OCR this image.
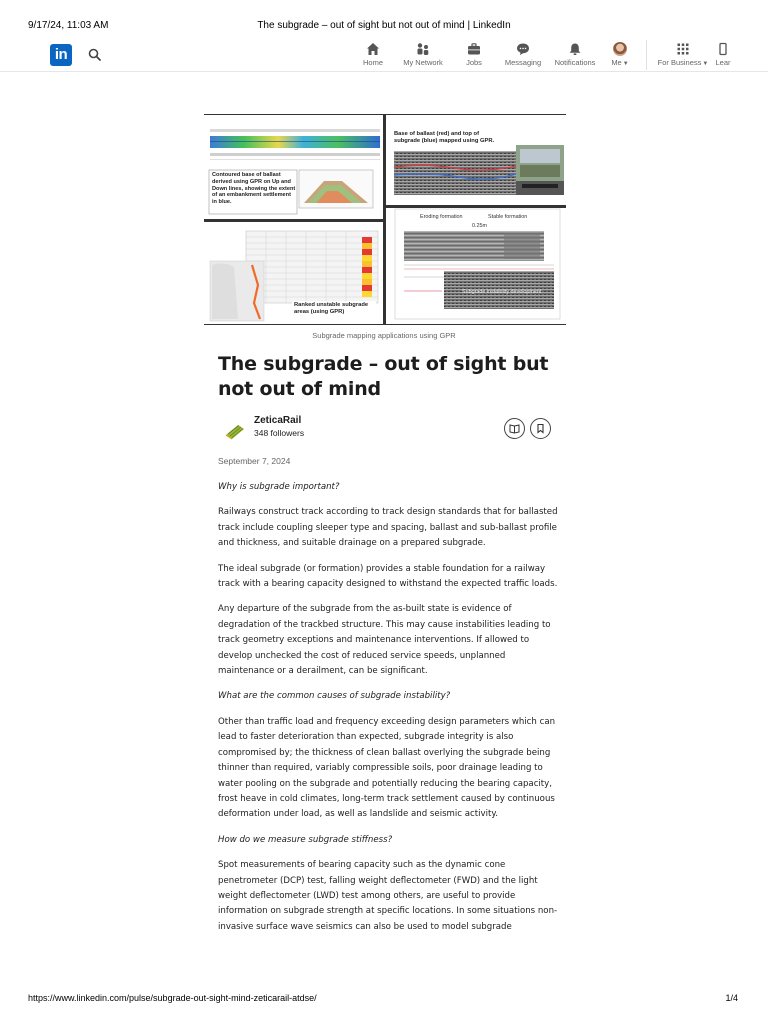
9/17/24, 11:03 AM	The subgrade – out of sight but not out of mind | LinkedIn
in	Home	My Network	Jobs	Messaging Notifications Me▼	For Business▼ Lear
Contoured base of ballast derived using GPR on Up and Down lines, showing the extent of an embankment settlement in blue.
Base of ballast (red) and top of subgrade (blue) mapped using GPR.
Ranked unstable subgrade areas (using GPR)
Eroding formation	Stable formation
0.25m
Subgrade instability development
Subgrade mapping applications using GPR
The subgrade – out of sight but not out of mind
ZeticaRail
348 followers
September 7, 2024

Why is subgrade important?

Railways construct track according to track design standards that for ballasted track include coupling sleeper type and spacing, ballast and sub-ballast profile and thickness, and suitable drainage on a prepared subgrade.

The ideal subgrade (or formation) provides a stable foundation for a railway track with a bearing capacity designed to withstand the expected traffic loads.

Any departure of the subgrade from the as-built state is evidence of degradation of the trackbed structure. This may cause instabilities leading to track geometry exceptions and maintenance interventions. If allowed to develop unchecked the cost of reduced service speeds, unplanned maintenance or a derailment, can be significant.

What are the common causes of subgrade instability?

Other than traffic load and frequency exceeding design parameters which can lead to faster deterioration than expected, subgrade integrity is also compromised by; the thickness of clean ballast overlying the subgrade being thinner than required, variably compressible soils, poor drainage leading to water pooling on the subgrade and potentially reducing the bearing capacity, frost heave in cold climates, long-term track settlement caused by continuous deformation under load, as well as landslide and seismic activity.

How do we measure subgrade stiffness?

Spot measurements of bearing capacity such as the dynamic cone penetrometer (DCP) test, falling weight deflectometer (FWD) and the light weight deflectometer (LWD) test among others, are useful to provide information on subgrade strength at specific locations. In some situations non-invasive surface wave seismics can also be used to model subgrade

https://www.linkedin.com/pulse/subgrade-out-sight-mind-zeticarail-atdse/	1/4
